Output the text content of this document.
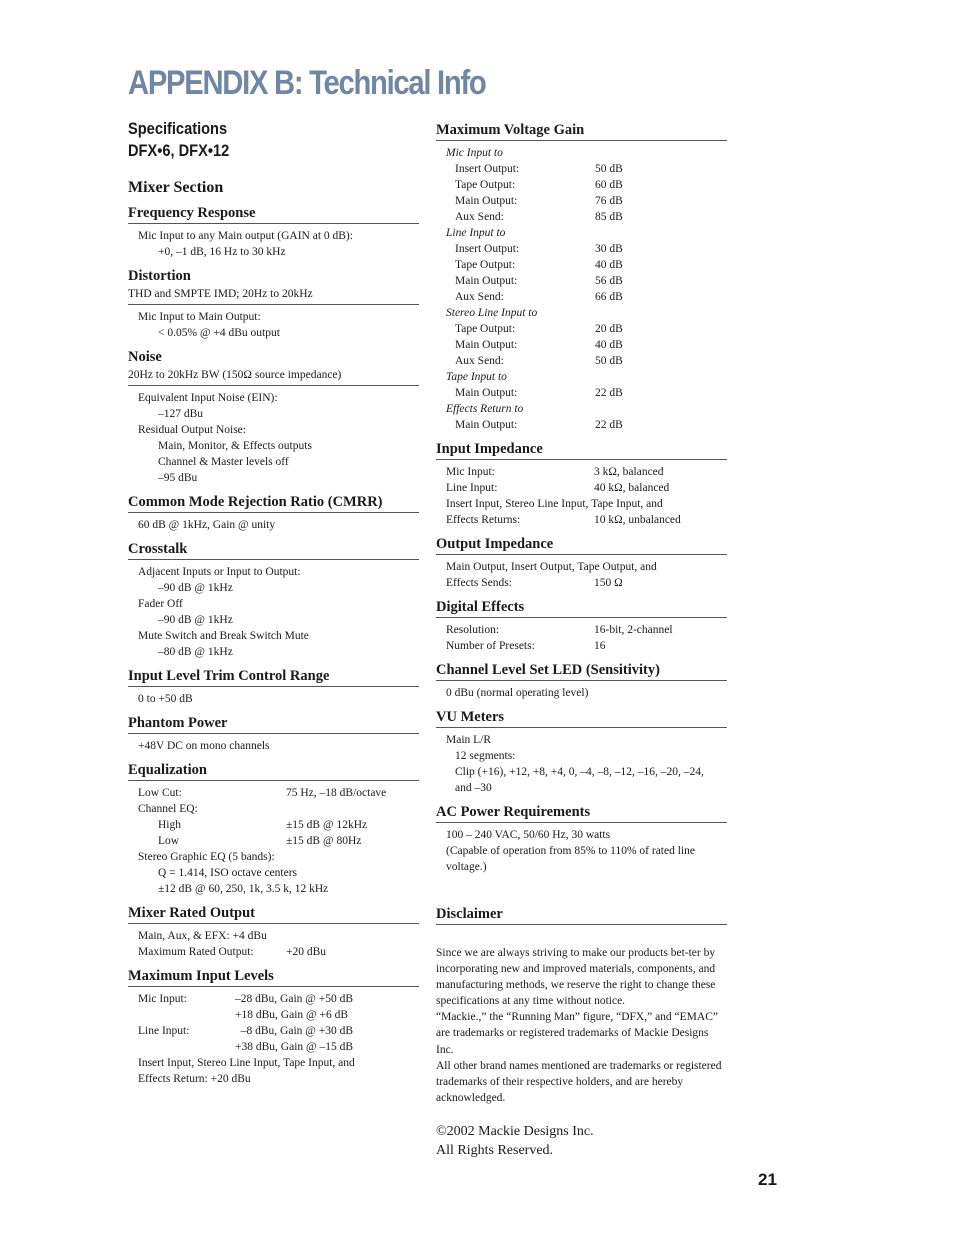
APPENDIX B: Technical Info
Specifications
DFX•6, DFX•12
Mixer Section
Frequency Response
Mic Input to any Main output (GAIN at 0 dB):
+0, –1 dB, 16 Hz to 30 kHz
Distortion
THD and SMPTE IMD; 20Hz to 20kHz
Mic Input to Main Output:
< 0.05% @ +4 dBu output
Noise
20Hz to 20kHz BW (150Ω source impedance)
Equivalent Input Noise (EIN):
–127 dBu
Residual Output Noise:
Main, Monitor, & Effects outputs
Channel & Master levels off
–95 dBu
Common Mode Rejection Ratio (CMRR)
60 dB @ 1kHz, Gain @ unity
Crosstalk
Adjacent Inputs or Input to Output:
–90 dB @ 1kHz
Fader Off
–90 dB @ 1kHz
Mute Switch and Break Switch Mute
–80 dB @ 1kHz
Input Level Trim Control Range
0 to +50 dB
Phantom Power
+48V DC on mono channels
Equalization
Low Cut:	75 Hz, –18 dB/octave
Channel EQ:
High	±15 dB @ 12kHz
Low	±15 dB @ 80Hz
Stereo Graphic EQ (5 bands):
Q = 1.414, ISO octave centers
±12 dB @ 60, 250, 1k, 3.5 k, 12 kHz
Mixer Rated Output
Main, Aux, & EFX: +4 dBu
Maximum Rated Output:	+20 dBu
Maximum Input Levels
Mic Input:	–28 dBu, Gain @ +50 dB
+18 dBu, Gain @ +6 dB
Line Input:	–8 dBu, Gain @ +30 dB
+38 dBu, Gain @ –15 dB
Insert Input, Stereo Line Input, Tape Input, and
Effects Return: +20 dBu
Maximum Voltage Gain
Mic Input to
Insert Output:	50 dB
Tape Output:	60 dB
Main Output:	76 dB
Aux Send:	85 dB
Line Input to
Insert Output:	30 dB
Tape Output:	40 dB
Main Output:	56 dB
Aux Send:	66 dB
Stereo Line Input to
Tape Output:	20 dB
Main Output:	40 dB
Aux Send:	50 dB
Tape Input to
Main Output:	22 dB
Effects Return to
Main Output:	22 dB
Input Impedance
Mic Input:	3 kΩ, balanced
Line Input:	40 kΩ, balanced
Insert Input, Stereo Line Input, Tape Input, and
Effects Returns:	10 kΩ, unbalanced
Output Impedance
Main Output, Insert Output, Tape Output, and
Effects Sends:	150 Ω
Digital Effects
Resolution:	16-bit, 2-channel
Number of Presets:	16
Channel Level Set LED (Sensitivity)
0 dBu (normal operating level)
VU Meters
Main L/R
12 segments:
Clip (+16), +12, +8, +4, 0, –4, –8, –12, –16, –20, –24,
and –30
AC Power Requirements
100 – 240 VAC, 50/60 Hz, 30 watts
(Capable of operation from 85% to 110% of rated line
voltage.)
Disclaimer

Since we are always striving to make our products bet-ter by incorporating new and improved materials, components, and manufacturing methods, we reserve the right to change these specifications at any time without notice.

“Mackie.,” the “Running Man” figure, “DFX,” and “EMAC” are trademarks or registered trademarks of Mackie Designs Inc.

All other brand names mentioned are trademarks or registered trademarks of their respective holders, and are hereby acknowledged.

©2002 Mackie Designs Inc.
All Rights Reserved.
21
